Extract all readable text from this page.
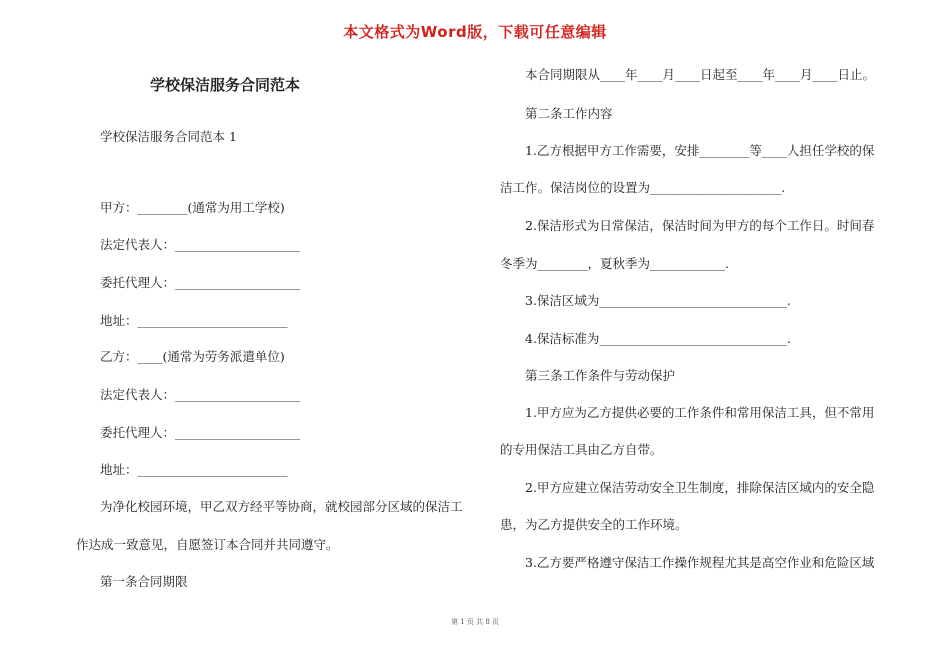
本文格式为Word版，下载可任意编辑
学校保洁服务合同范本
学校保洁服务合同范本 1
甲方：________(通常为用工学校)
法定代表人：____________________
委托代理人：____________________
地址：________________________
乙方：____(通常为劳务派遣单位)
法定代表人：____________________
委托代理人：____________________
地址：________________________
为净化校园环境，甲乙双方经平等协商，就校园部分区域的保洁工
作达成一致意见，自愿签订本合同并共同遵守。
第一条合同期限
本合同期限从____年____月____日起至____年____月____日止。
第二条工作内容
1.乙方根据甲方工作需要，安排________等____人担任学校的保
洁工作。保洁岗位的设置为_____________________.
2.保洁形式为日常保洁，保洁时间为甲方的每个工作日。时间春
冬季为________，夏秋季为____________.
3.保洁区域为______________________________.
4.保洁标准为______________________________.
第三条工作条件与劳动保护
1.甲方应为乙方提供必要的工作条件和常用保洁工具，但不常用
的专用保洁工具由乙方自带。
2.甲方应建立保洁劳动安全卫生制度，排除保洁区域内的安全隐
患，为乙方提供安全的工作环境。
3.乙方要严格遵守保洁工作操作规程尤其是高空作业和危险区域
第 1 页 共 8 页
